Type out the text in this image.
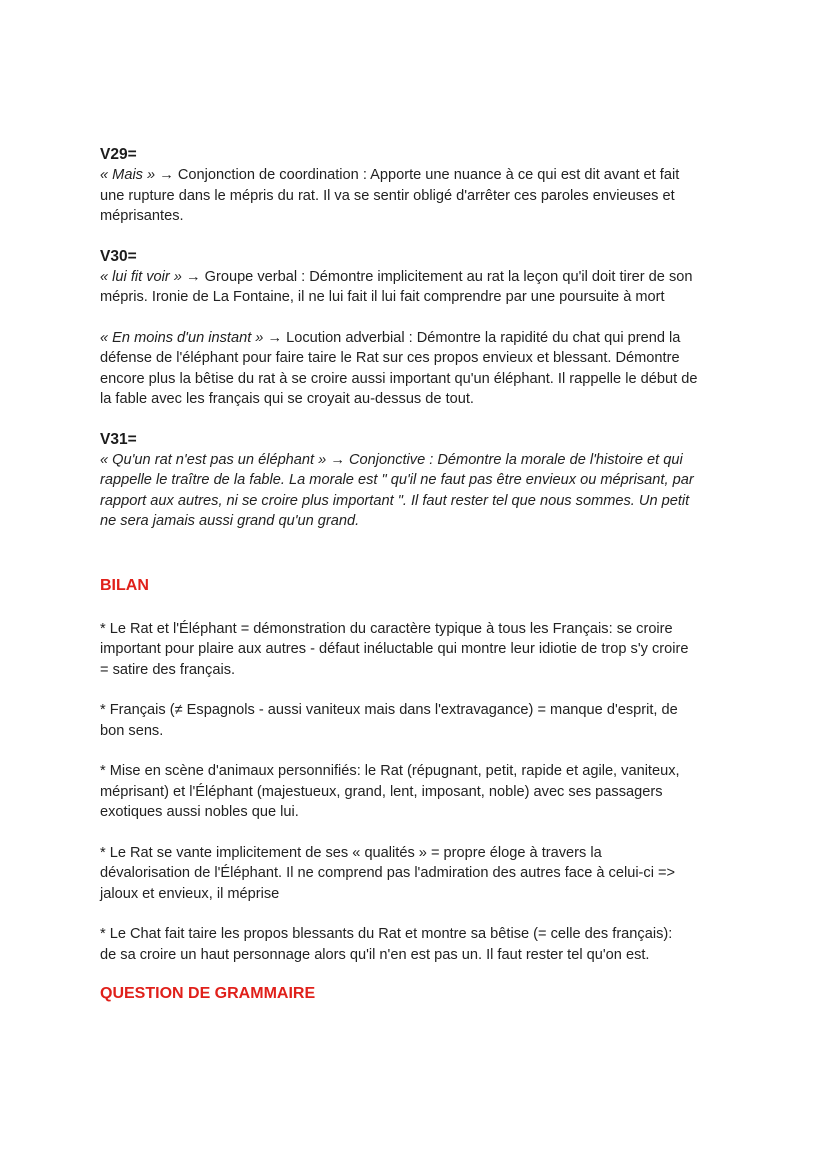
V29=
« Mais » → Conjonction de coordination : Apporte une nuance à ce qui est dit avant et fait
une rupture dans le mépris du rat. Il va se sentir obligé d'arrêter ces paroles envieuses et
méprisantes.
V30=
« lui fit voir » → Groupe verbal : Démontre implicitement au rat la leçon qu'il doit tirer de son
mépris. Ironie de La Fontaine, il ne lui fait il lui fait comprendre par une poursuite à mort
« En moins d'un instant » → Locution adverbial : Démontre la rapidité du chat qui prend la
défense de l'éléphant pour faire taire le Rat sur ces propos envieux et blessant. Démontre
encore plus la bêtise du rat à se croire aussi important qu'un éléphant. Il rappelle le début de
la fable avec les français qui se croyait au-dessus de tout.
V31=
« Qu'un rat n'est pas un éléphant » → Conjonctive : Démontre la morale de l'histoire et qui
rappelle le traître de la fable. La morale est " qu'il ne faut pas être envieux ou méprisant, par
rapport aux autres, ni se croire plus important ". Il faut rester tel que nous sommes. Un petit
ne sera jamais aussi grand qu'un grand.
BILAN
* Le Rat et l'Éléphant = démonstration du caractère typique à tous les Français: se croire
important pour plaire aux autres - défaut inéluctable qui montre leur idiotie de trop s'y croire
= satire des français.
* Français (≠ Espagnols - aussi vaniteux mais dans l'extravagance) = manque d'esprit, de
bon sens.
* Mise en scène d'animaux personnifiés: le Rat (répugnant, petit, rapide et agile, vaniteux,
méprisant) et l'Éléphant (majestueux, grand, lent, imposant, noble) avec ses passagers
exotiques aussi nobles que lui.
* Le Rat se vante implicitement de ses « qualités » = propre éloge à travers la
dévalorisation de l'Éléphant. Il ne comprend pas l'admiration des autres face à celui-ci =>
jaloux et envieux, il méprise
* Le Chat fait taire les propos blessants du Rat et montre sa bêtise (= celle des français):
de sa croire un haut personnage alors qu'il n'en est pas un. Il faut rester tel qu'on est.
QUESTION DE GRAMMAIRE
